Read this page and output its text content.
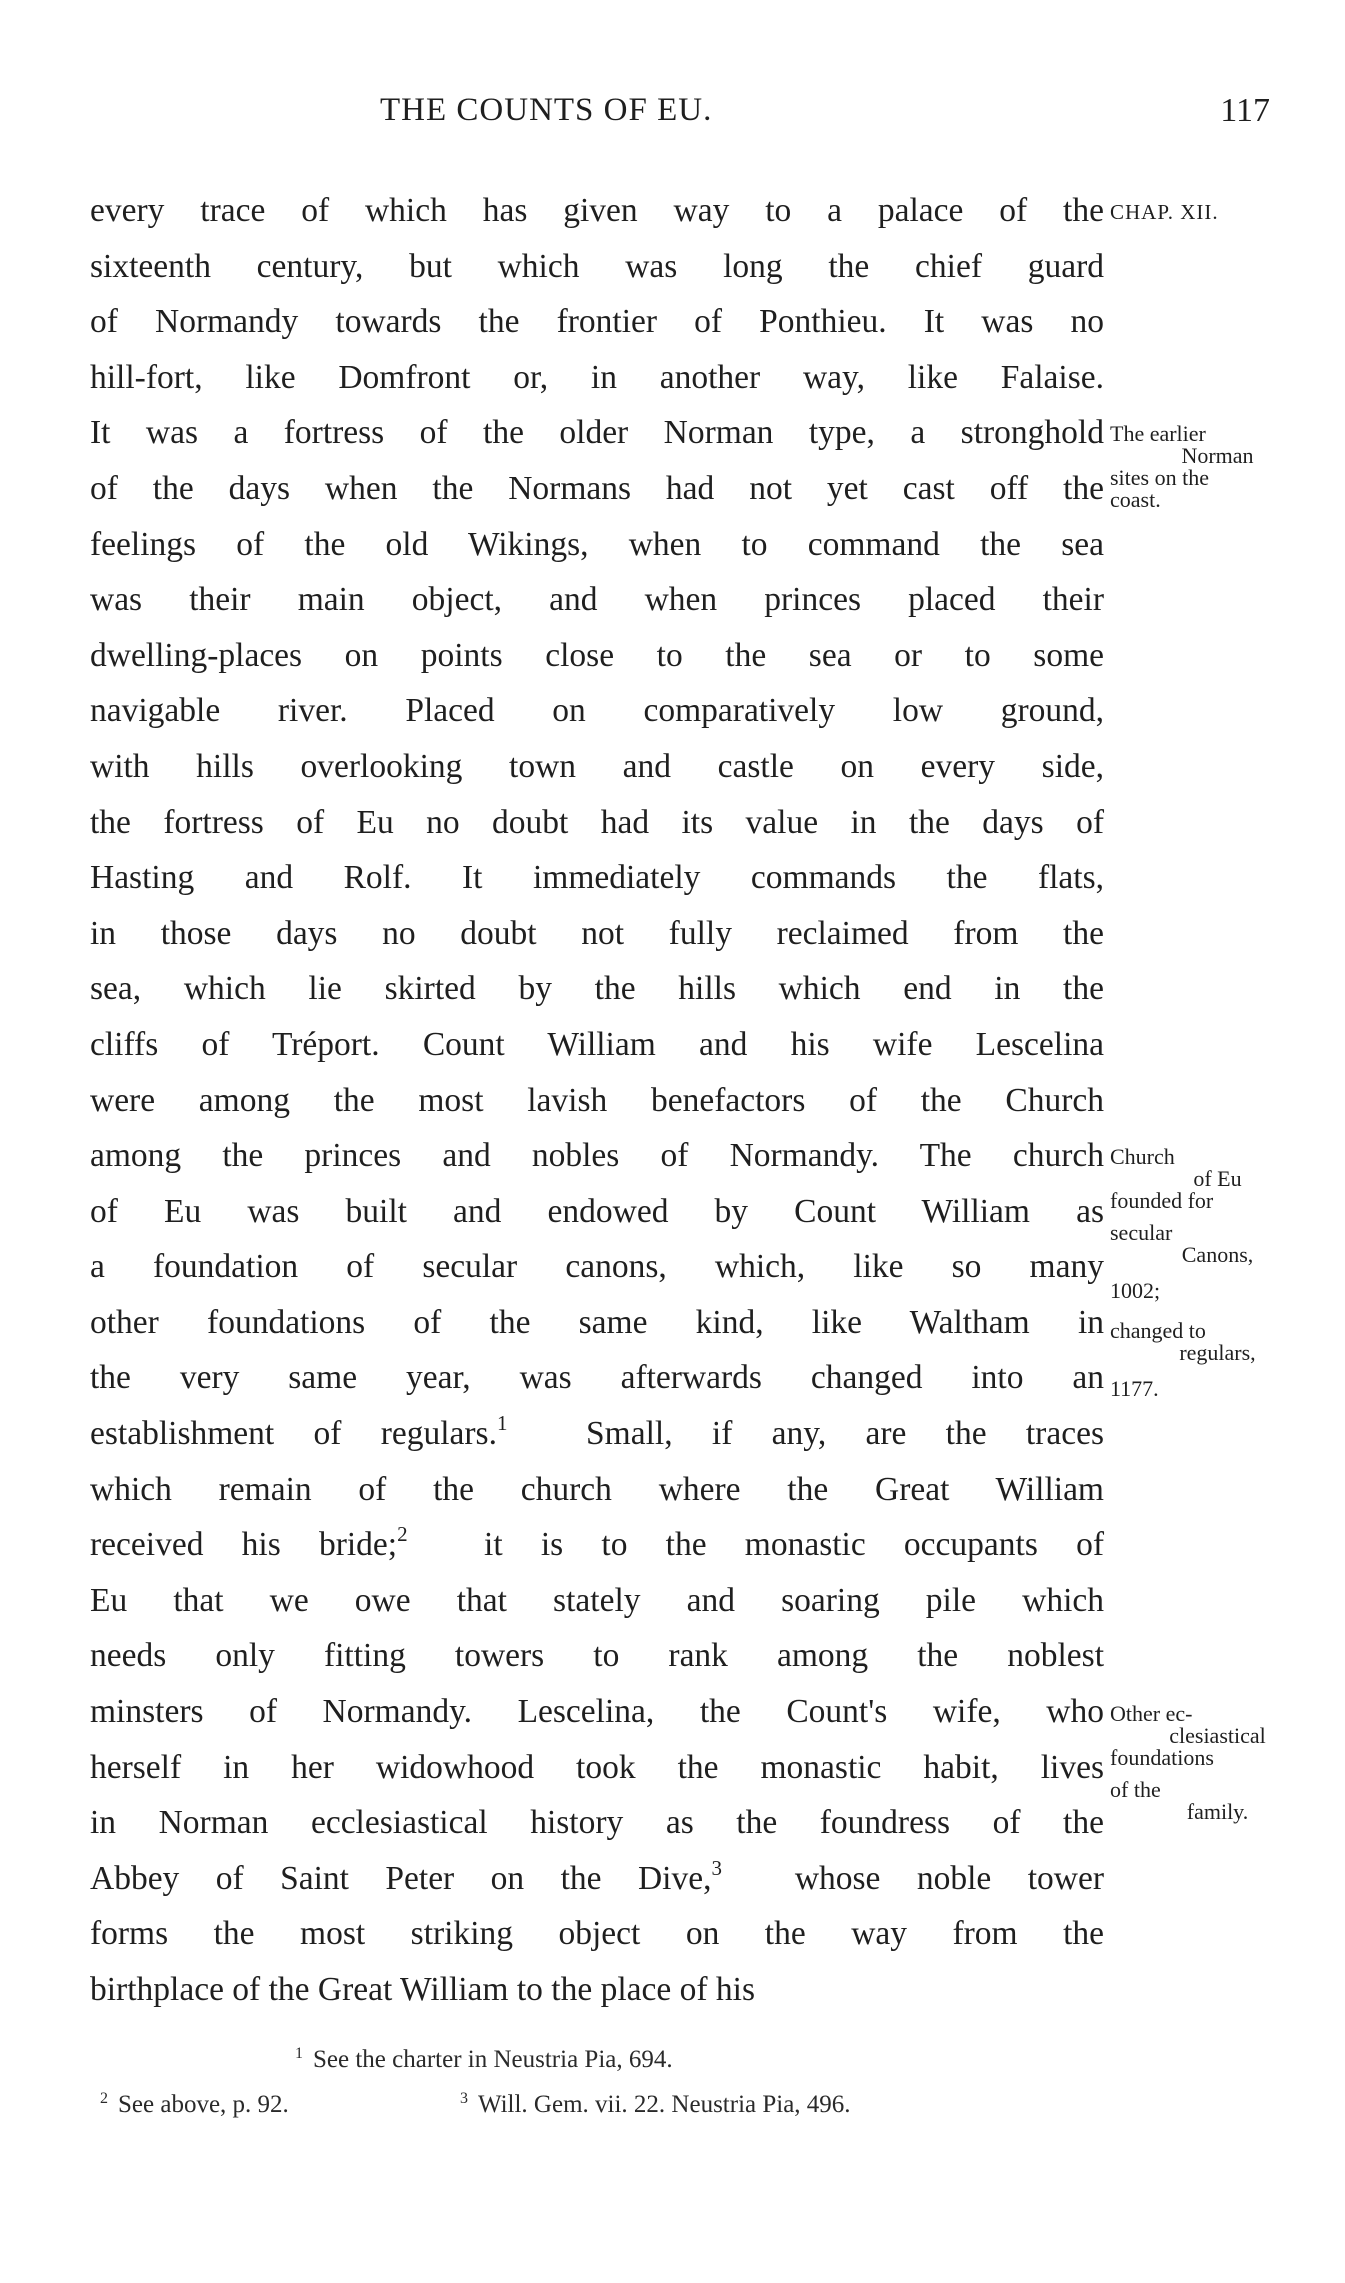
THE COUNTS OF EU.	117
every trace of which has given way to a palace of the
sixteenth century, but which was long the chief guard
of Normandy towards the frontier of Ponthieu. It was no
hill-fort, like Domfront or, in another way, like Falaise.
It was a fortress of the older Norman type, a stronghold
of the days when the Normans had not yet cast off the
feelings of the old Wikings, when to command the sea
was their main object, and when princes placed their
dwelling-places on points close to the sea or to some
navigable river. Placed on comparatively low ground,
with hills overlooking town and castle on every side,
the fortress of Eu no doubt had its value in the days of
Hasting and Rolf. It immediately commands the flats,
in those days no doubt not fully reclaimed from the
sea, which lie skirted by the hills which end in the
cliffs of Tréport. Count William and his wife Lescelina
were among the most lavish benefactors of the Church
among the princes and nobles of Normandy. The church
of Eu was built and endowed by Count William as
a foundation of secular canons, which, like so many
other foundations of the same kind, like Waltham in
the very same year, was afterwards changed into an
establishment of regulars.$^1$ Small, if any, are the traces
which remain of the church where the Great William
received his bride;$^2$ it is to the monastic occupants of
Eu that we owe that stately and soaring pile which
needs only fitting towers to rank among the noblest
minsters of Normandy. Lescelina, the Count's wife, who
herself in her widowhood took the monastic habit, lives
in Norman ecclesiastical history as the foundress of the
Abbey of Saint Peter on the Dive,$^3$ whose noble tower
forms the most striking object on the way from the
birthplace of the Great William to the place of his
CHAP. XII.
The earlier
Norman
sites on the
coast.
Church
of Eu
founded for
secular
Canons,
1002;
changed to
regulars,
1177.
Other ec-
clesiastical
foundations
of the
family.
$^1$ See the charter in Neustria Pia, 694.
$^2$ See above, p. 92.	$^3$ Will. Gem. vii. 22. Neustria Pia, 496.
